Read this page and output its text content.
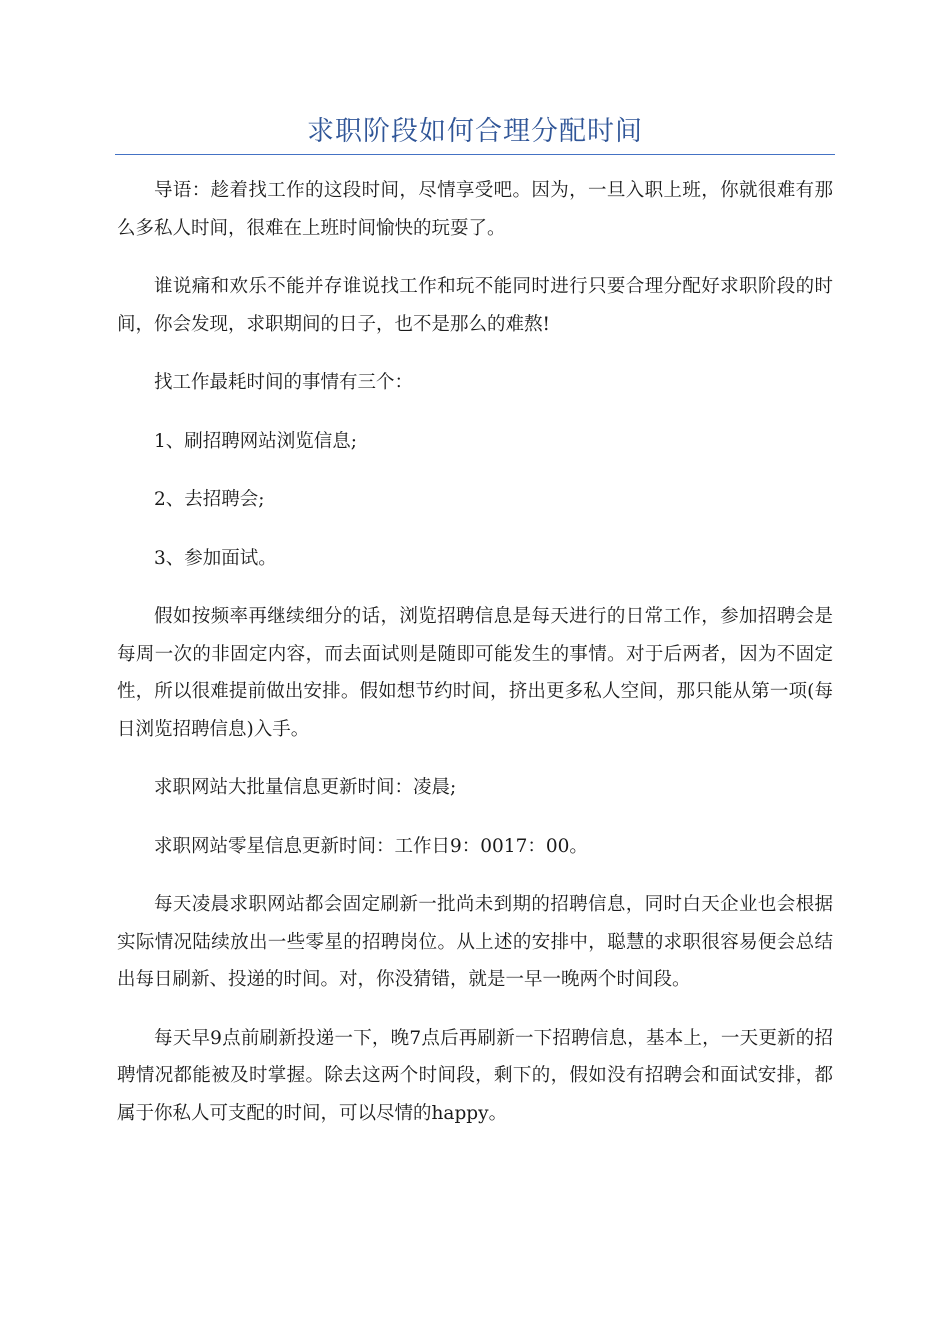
求职阶段如何合理分配时间

导语：趁着找工作的这段时间，尽情享受吧。因为，一旦入职上班，你就很难有那么多私人时间，很难在上班时间愉快的玩耍了。

谁说痛和欢乐不能并存谁说找工作和玩不能同时进行只要合理分配好求职阶段的时间，你会发现，求职期间的日子，也不是那么的难熬!

找工作最耗时间的事情有三个：

1、刷招聘网站浏览信息;

2、去招聘会;

3、参加面试。

假如按频率再继续细分的话，浏览招聘信息是每天进行的日常工作，参加招聘会是每周一次的非固定内容，而去面试则是随即可能发生的事情。对于后两者，因为不固定性，所以很难提前做出安排。假如想节约时间，挤出更多私人空间，那只能从第一项(每日浏览招聘信息)入手。

求职网站大批量信息更新时间：凌晨;

求职网站零星信息更新时间：工作日9：0017：00。

每天凌晨求职网站都会固定刷新一批尚未到期的招聘信息，同时白天企业也会根据实际情况陆续放出一些零星的招聘岗位。从上述的安排中，聪慧的求职很容易便会总结出每日刷新、投递的时间。对，你没猜错，就是一早一晚两个时间段。

每天早9点前刷新投递一下，晚7点后再刷新一下招聘信息，基本上，一天更新的招聘情况都能被及时掌握。除去这两个时间段，剩下的，假如没有招聘会和面试安排，都属于你私人可支配的时间，可以尽情的happy。
